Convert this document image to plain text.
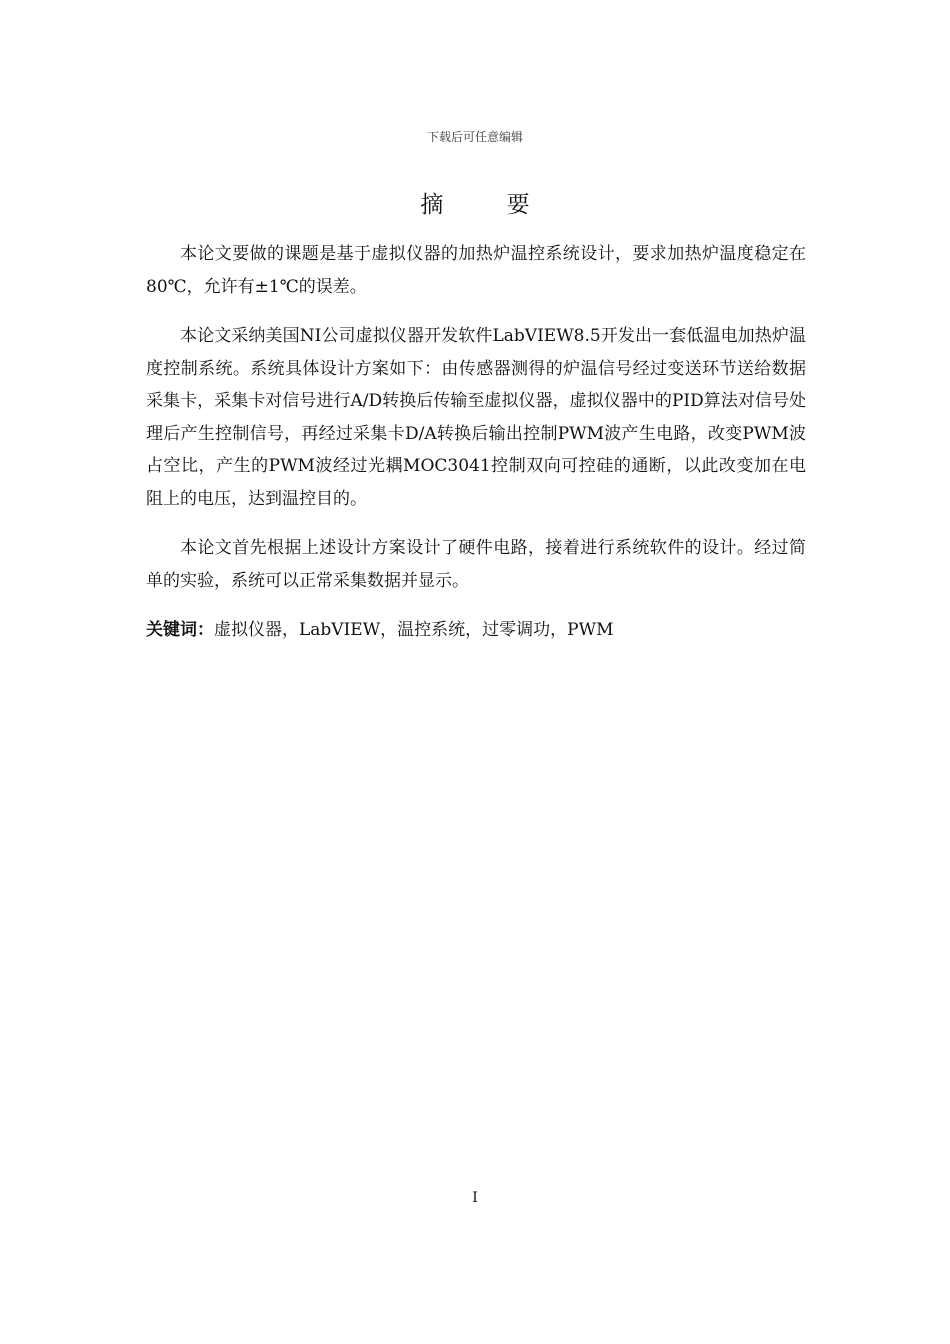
下载后可任意编辑
摘 要

本论文要做的课题是基于虚拟仪器的加热炉温控系统设计，要求加热炉温度稳定在80℃，允许有±1℃的误差。

本论文采纳美国NI公司虚拟仪器开发软件LabVIEW8.5开发出一套低温电加热炉温度控制系统。系统具体设计方案如下：由传感器测得的炉温信号经过变送环节送给数据采集卡，采集卡对信号进行A/D转换后传输至虚拟仪器，虚拟仪器中的PID算法对信号处理后产生控制信号，再经过采集卡D/A转换后输出控制PWM波产生电路，改变PWM波占空比，产生的PWM波经过光耦MOC3041控制双向可控硅的通断，以此改变加在电阻上的电压，达到温控目的。

本论文首先根据上述设计方案设计了硬件电路，接着进行系统软件的设计。经过简单的实验，系统可以正常采集数据并显示。

关键词：虚拟仪器，LabVIEW，温控系统，过零调功，PWM

I
